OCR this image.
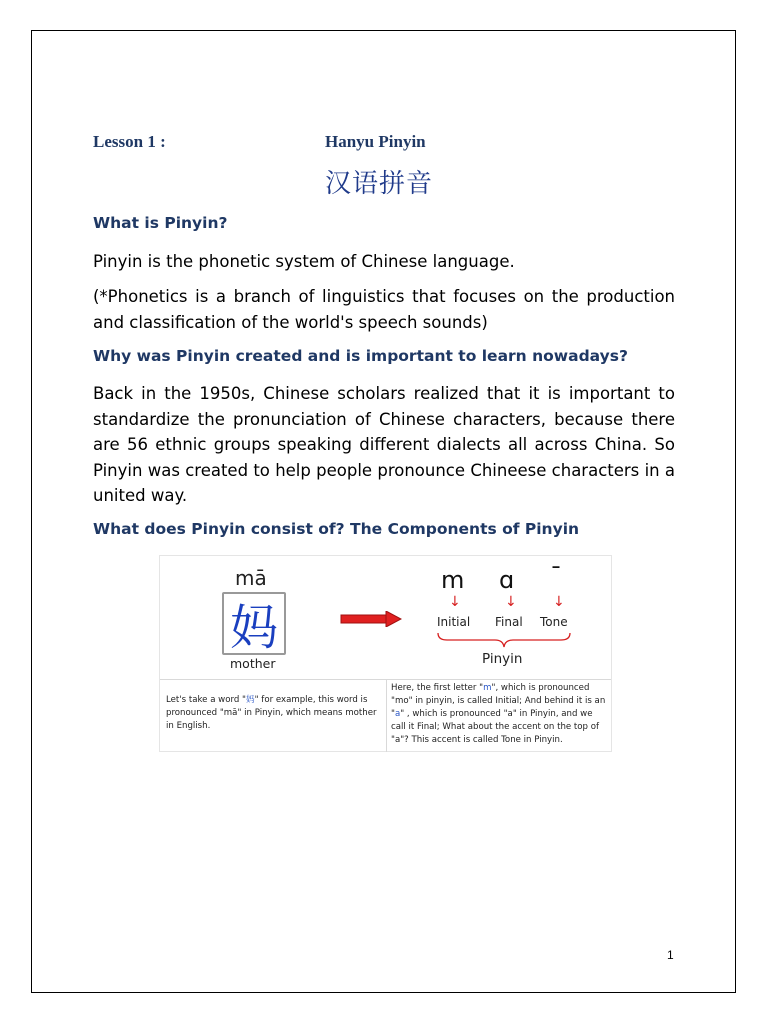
Lesson 1 :	Hanyu Pinyin
汉语拼音
What is Pinyin?
Pinyin is the phonetic system of Chinese language.
(*Phonetics is a branch of linguistics that focuses on the production and classification of the world's speech sounds)
Why was Pinyin created and is important to learn nowadays?
Back in the 1950s, Chinese scholars realized that it is important to standardize the pronunciation of Chinese characters, because there are 56 ethnic groups speaking different dialects all across China. So Pinyin was created to help people pronounce Chineese characters in a united way.
What does Pinyin consist of? The Components of Pinyin
mā
妈
mother
m ɑ ¯
↓	↓	↓
Initial Final Tone
Pinyin
Let's take a word "妈" for example, this word is pronounced "mā" in Pinyin, which means mother in English.
Here, the first letter "m", which is pronounced "mo" in pinyin, is called Initial; And behind it is an "a" , which is pronounced "a" in Pinyin, and we call it Final; What about the accent on the top of "a"? This accent is called Tone in Pinyin.
1
